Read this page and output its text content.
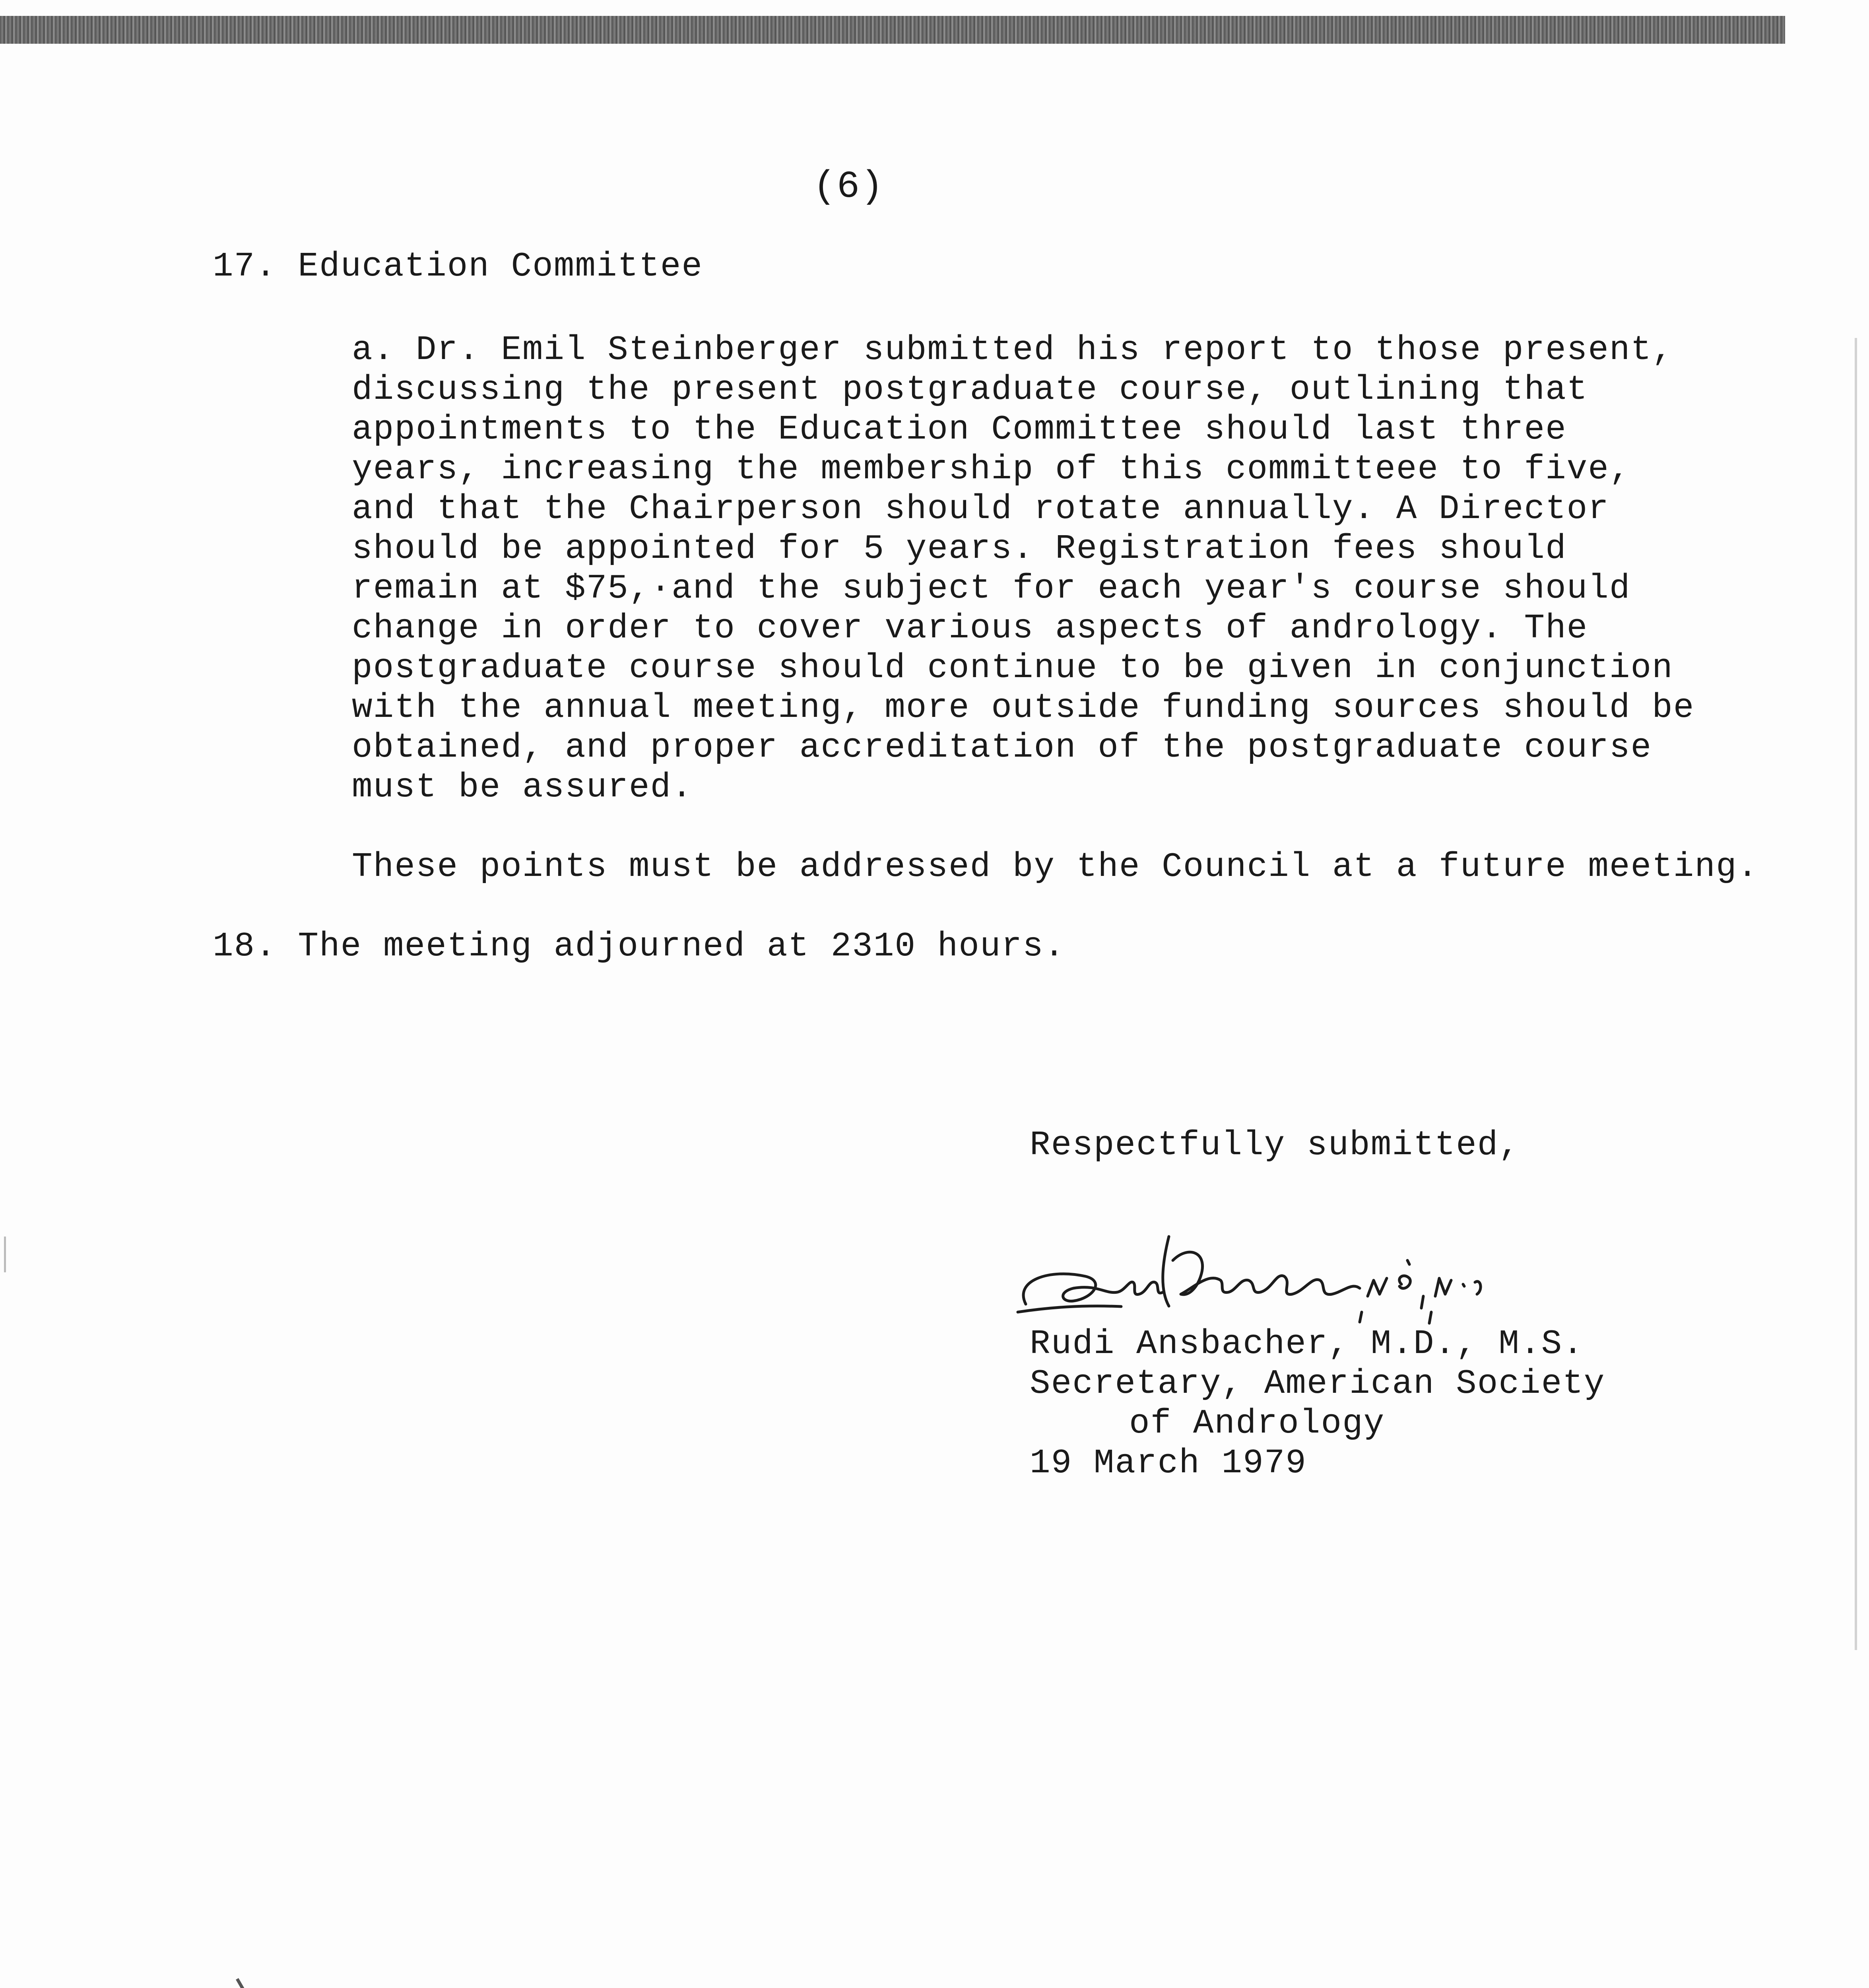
(6)
17. Education Committee
a. Dr. Emil Steinberger submitted his report to those present,
discussing the present postgraduate course, outlining that
appointments to the Education Committee should last three
years, increasing the membership of this committeee to five,
and that the Chairperson should rotate annually. A Director
should be appointed for 5 years. Registration fees should
remain at $75,·and the subject for each year's course should
change in order to cover various aspects of andrology. The
postgraduate course should continue to be given in conjunction
with the annual meeting, more outside funding sources should be
obtained, and proper accreditation of the postgraduate course
must be assured.
These points must be addressed by the Council at a future meeting.
18. The meeting adjourned at 2310 hours.
Respectfully submitted,
Rudi Ansbacher, M.D., M.S.
Secretary, American Society
of Andrology
19 March 1979
